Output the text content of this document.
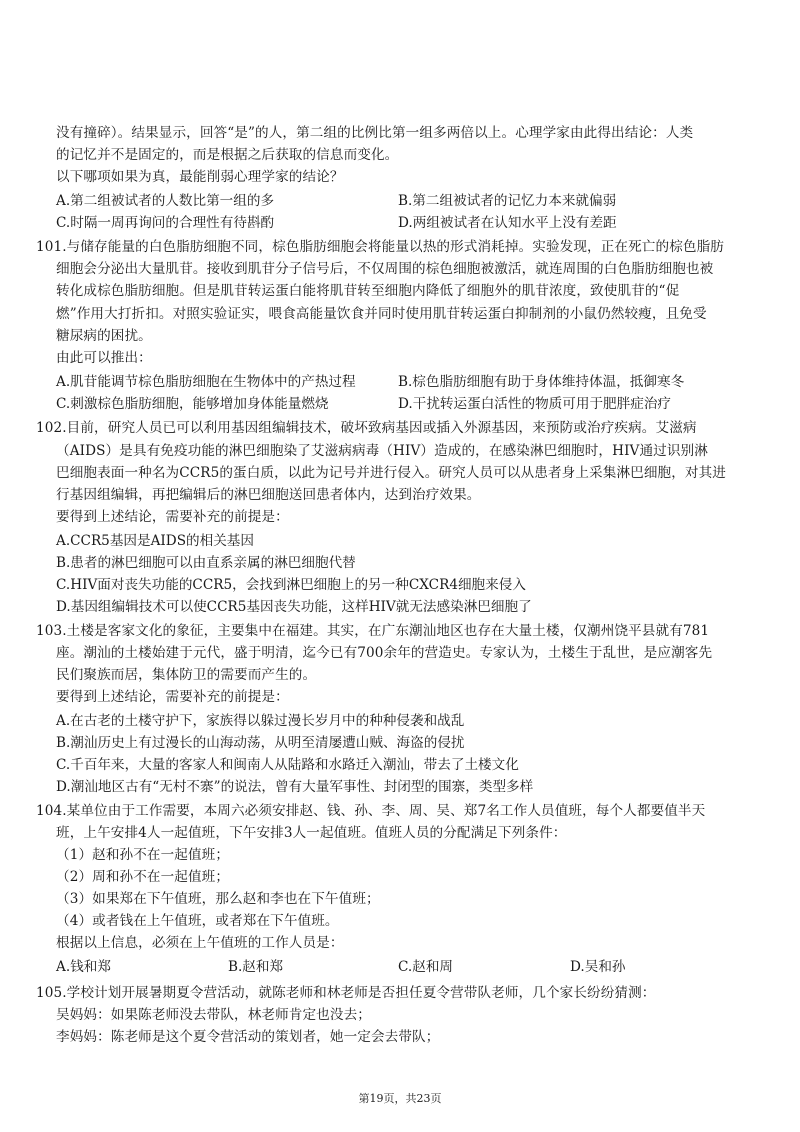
没有撞碎）。结果显示，回答“是”的人，第二组的比例比第一组多两倍以上。心理学家由此得出结论：人类
的记忆并不是固定的，而是根据之后获取的信息而变化。
以下哪项如果为真，最能削弱心理学家的结论？
A.第二组被试者的人数比第一组的多	B.第二组被试者的记忆力本来就偏弱
C.时隔一周再询问的合理性有待斟酌	D.两组被试者在认知水平上没有差距
101.与储存能量的白色脂肪细胞不同，棕色脂肪细胞会将能量以热的形式消耗掉。实验发现，正在死亡的棕色脂肪
细胞会分泌出大量肌苷。接收到肌苷分子信号后，不仅周围的棕色细胞被激活，就连周围的白色脂肪细胞也被
转化成棕色脂肪细胞。但是肌苷转运蛋白能将肌苷转至细胞内降低了细胞外的肌苷浓度，致使肌苷的“促
燃”作用大打折扣。对照实验证实，喂食高能量饮食并同时使用肌苷转运蛋白抑制剂的小鼠仍然较瘦，且免受
糖尿病的困扰。
由此可以推出：
A.肌苷能调节棕色脂肪细胞在生物体中的产热过程	B.棕色脂肪细胞有助于身体维持体温，抵御寒冬
C.刺激棕色脂肪细胞，能够增加身体能量燃烧	D.干扰转运蛋白活性的物质可用于肥胖症治疗
102.目前，研究人员已可以利用基因组编辑技术，破坏致病基因或插入外源基因，来预防或治疗疾病。艾滋病
（AIDS）是具有免疫功能的淋巴细胞染了艾滋病病毒（HIV）造成的，在感染淋巴细胞时，HIV通过识别淋
巴细胞表面一种名为CCR5的蛋白质，以此为记号并进行侵入。研究人员可以从患者身上采集淋巴细胞，对其进
行基因组编辑，再把编辑后的淋巴细胞送回患者体内，达到治疗效果。
要得到上述结论，需要补充的前提是：
A.CCR5基因是AIDS的相关基因
B.患者的淋巴细胞可以由直系亲属的淋巴细胞代替
C.HIV面对丧失功能的CCR5，会找到淋巴细胞上的另一种CXCR4细胞来侵入
D.基因组编辑技术可以使CCR5基因丧失功能，这样HIV就无法感染淋巴细胞了
103.土楼是客家文化的象征，主要集中在福建。其实，在广东潮汕地区也存在大量土楼，仅潮州饶平县就有781
座。潮汕的土楼始建于元代，盛于明清，迄今已有700余年的营造史。专家认为，土楼生于乱世，是应潮客先
民们聚族而居，集体防卫的需要而产生的。
要得到上述结论，需要补充的前提是：
A.在古老的土楼守护下，家族得以躲过漫长岁月中的种种侵袭和战乱
B.潮汕历史上有过漫长的山海动荡，从明至清屡遭山贼、海盗的侵扰
C.千百年来，大量的客家人和闽南人从陆路和水路迁入潮汕，带去了土楼文化
D.潮汕地区古有“无村不寨”的说法，曾有大量军事性、封闭型的围寨，类型多样
104.某单位由于工作需要，本周六必须安排赵、钱、孙、李、周、吴、郑7名工作人员值班，每个人都要值半天
班，上午安排4人一起值班，下午安排3人一起值班。值班人员的分配满足下列条件：
（1）赵和孙不在一起值班；
（2）周和孙不在一起值班；
（3）如果郑在下午值班，那么赵和李也在下午值班；
（4）或者钱在上午值班，或者郑在下午值班。
根据以上信息，必须在上午值班的工作人员是：
A.钱和郑	B.赵和郑	C.赵和周	D.吴和孙
105.学校计划开展暑期夏令营活动，就陈老师和林老师是否担任夏令营带队老师，几个家长纷纷猜测：
吴妈妈：如果陈老师没去带队，林老师肯定也没去；
李妈妈：陈老师是这个夏令营活动的策划者，她一定会去带队；
第19页，共23页
